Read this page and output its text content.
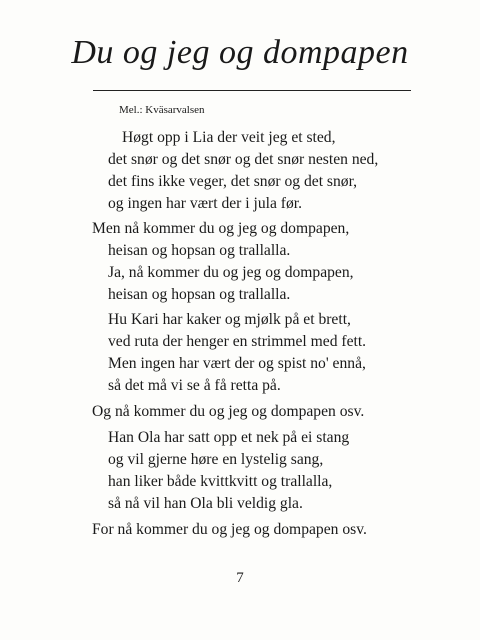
Du og jeg og dompapen

Mel.: Kväsarvalsen

Høgt opp i Lia der veit jeg et sted,

det snør og det snør og det snør nesten ned,

det fins ikke veger, det snør og det snør,

og ingen har vært der i jula før.

Men nå kommer du og jeg og dompapen,

heisan og hopsan og trallalla.

Ja, nå kommer du og jeg og dompapen,

heisan og hopsan og trallalla.

Hu Kari har kaker og mjølk på et brett,

ved ruta der henger en strimmel med fett.

Men ingen har vært der og spist no' ennå,

så det må vi se å få retta på.

Og nå kommer du og jeg og dompapen osv.

Han Ola har satt opp et nek på ei stang

og vil gjerne høre en lystelig sang,

han liker både kvittkvitt og trallalla,

så nå vil han Ola bli veldig gla.

For nå kommer du og jeg og dompapen osv.

7
